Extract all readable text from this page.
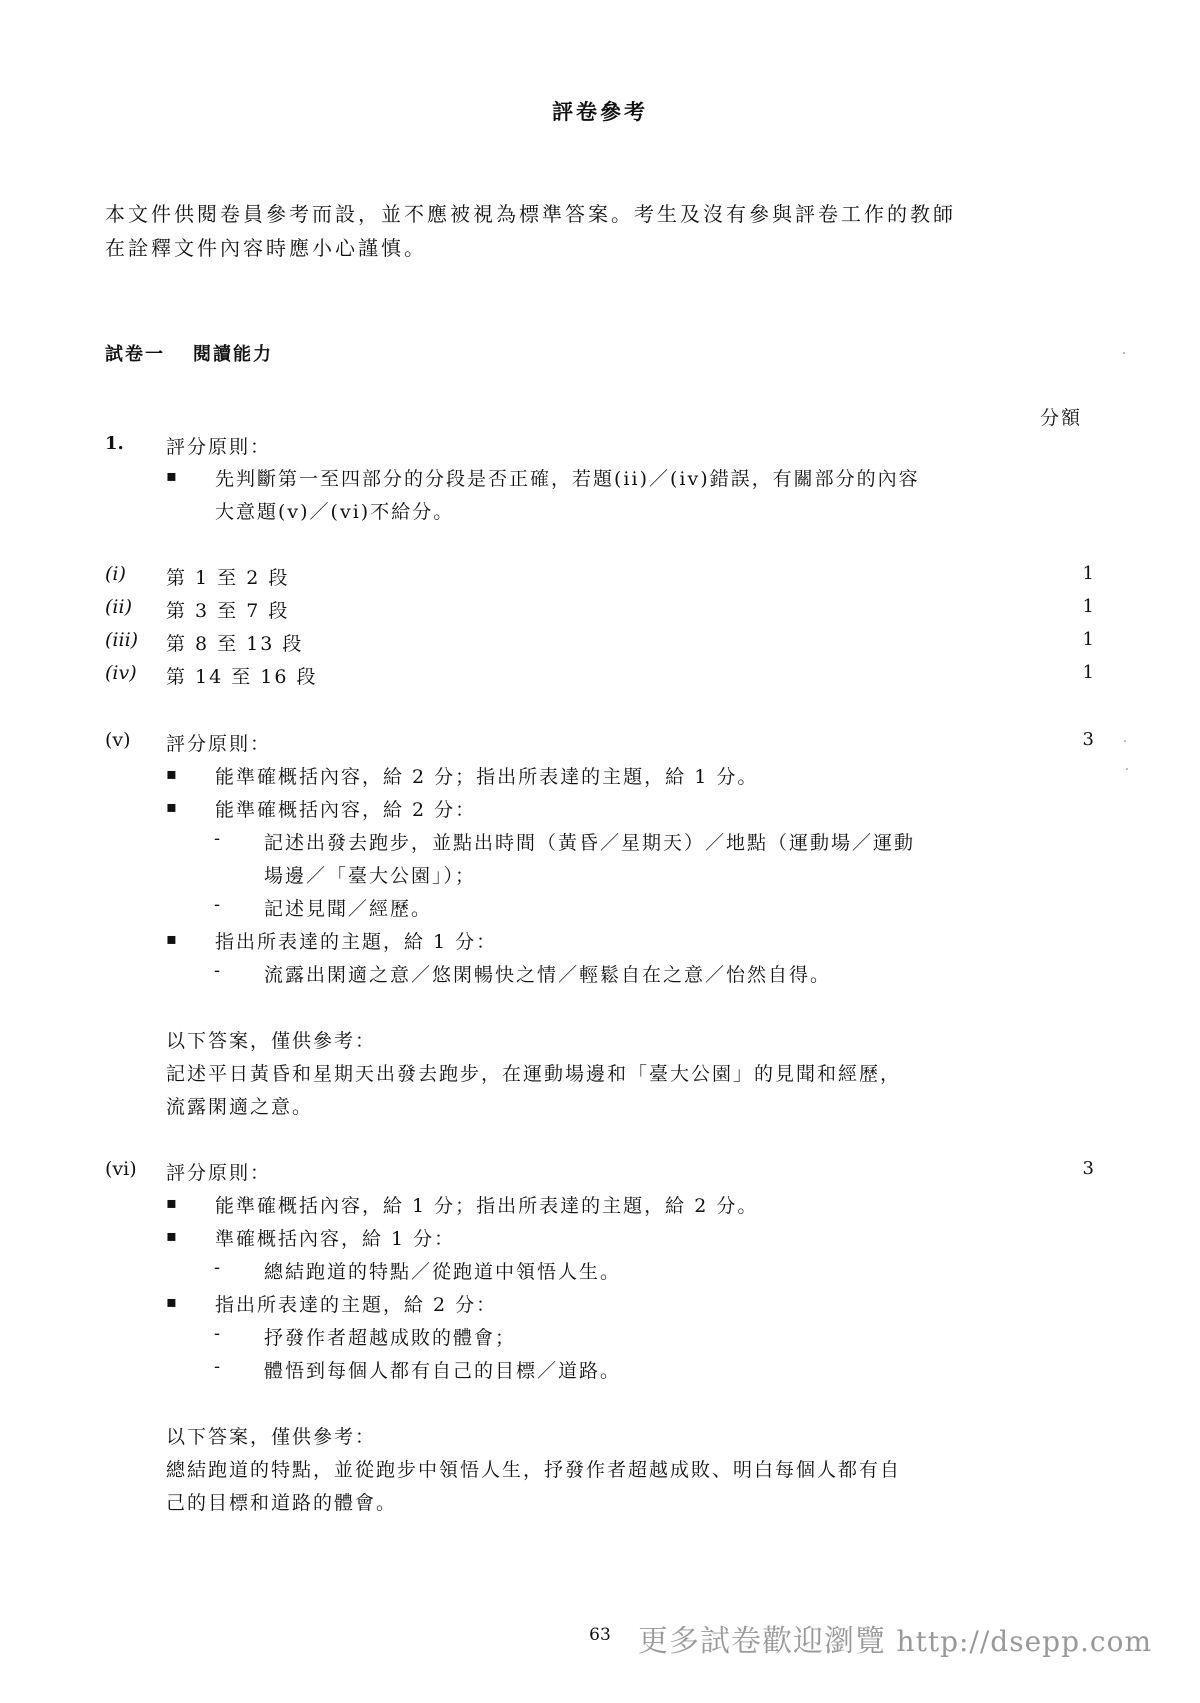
評卷參考
本文件供閱卷員參考而設，並不應被視為標準答案。考生及沒有參與評卷工作的教師
在詮釋文件內容時應小心謹慎。
試卷一 閱讀能力
分額
1. 評分原則：
▪ 先判斷第一至四部分的分段是否正確，若題(ii)／(iv)錯誤，有關部分的內容
大意題(v)／(vi)不給分。
(i) 第 1 至 2 段	1
(ii) 第 3 至 7 段	1
(iii) 第 8 至 13 段	1
(iv) 第 14 至 16 段	1
(v) 評分原則：	3
▪ 能準確概括內容，給 2 分；指出所表達的主題，給 1 分。
▪ 能準確概括內容，給 2 分：
- 記述出發去跑步，並點出時間（黃昏／星期天）／地點（運動場／運動
場邊／「臺大公園」）；
- 記述見聞／經歷。
▪ 指出所表達的主題，給 1 分：
- 流露出閑適之意／悠閑暢快之情／輕鬆自在之意／怡然自得。
以下答案，僅供參考：
記述平日黃昏和星期天出發去跑步，在運動場邊和「臺大公園」的見聞和經歷，
流露閑適之意。
(vi) 評分原則：	3
▪ 能準確概括內容，給 1 分；指出所表達的主題，給 2 分。
▪ 準確概括內容，給 1 分：
- 總結跑道的特點／從跑道中領悟人生。
▪ 指出所表達的主題，給 2 分：
- 抒發作者超越成敗的體會；
- 體悟到每個人都有自己的目標／道路。
以下答案，僅供參考：
總結跑道的特點，並從跑步中領悟人生，抒發作者超越成敗、明白每個人都有自
己的目標和道路的體會。
63 更多試卷歡迎瀏覽 http://dsepp.com
